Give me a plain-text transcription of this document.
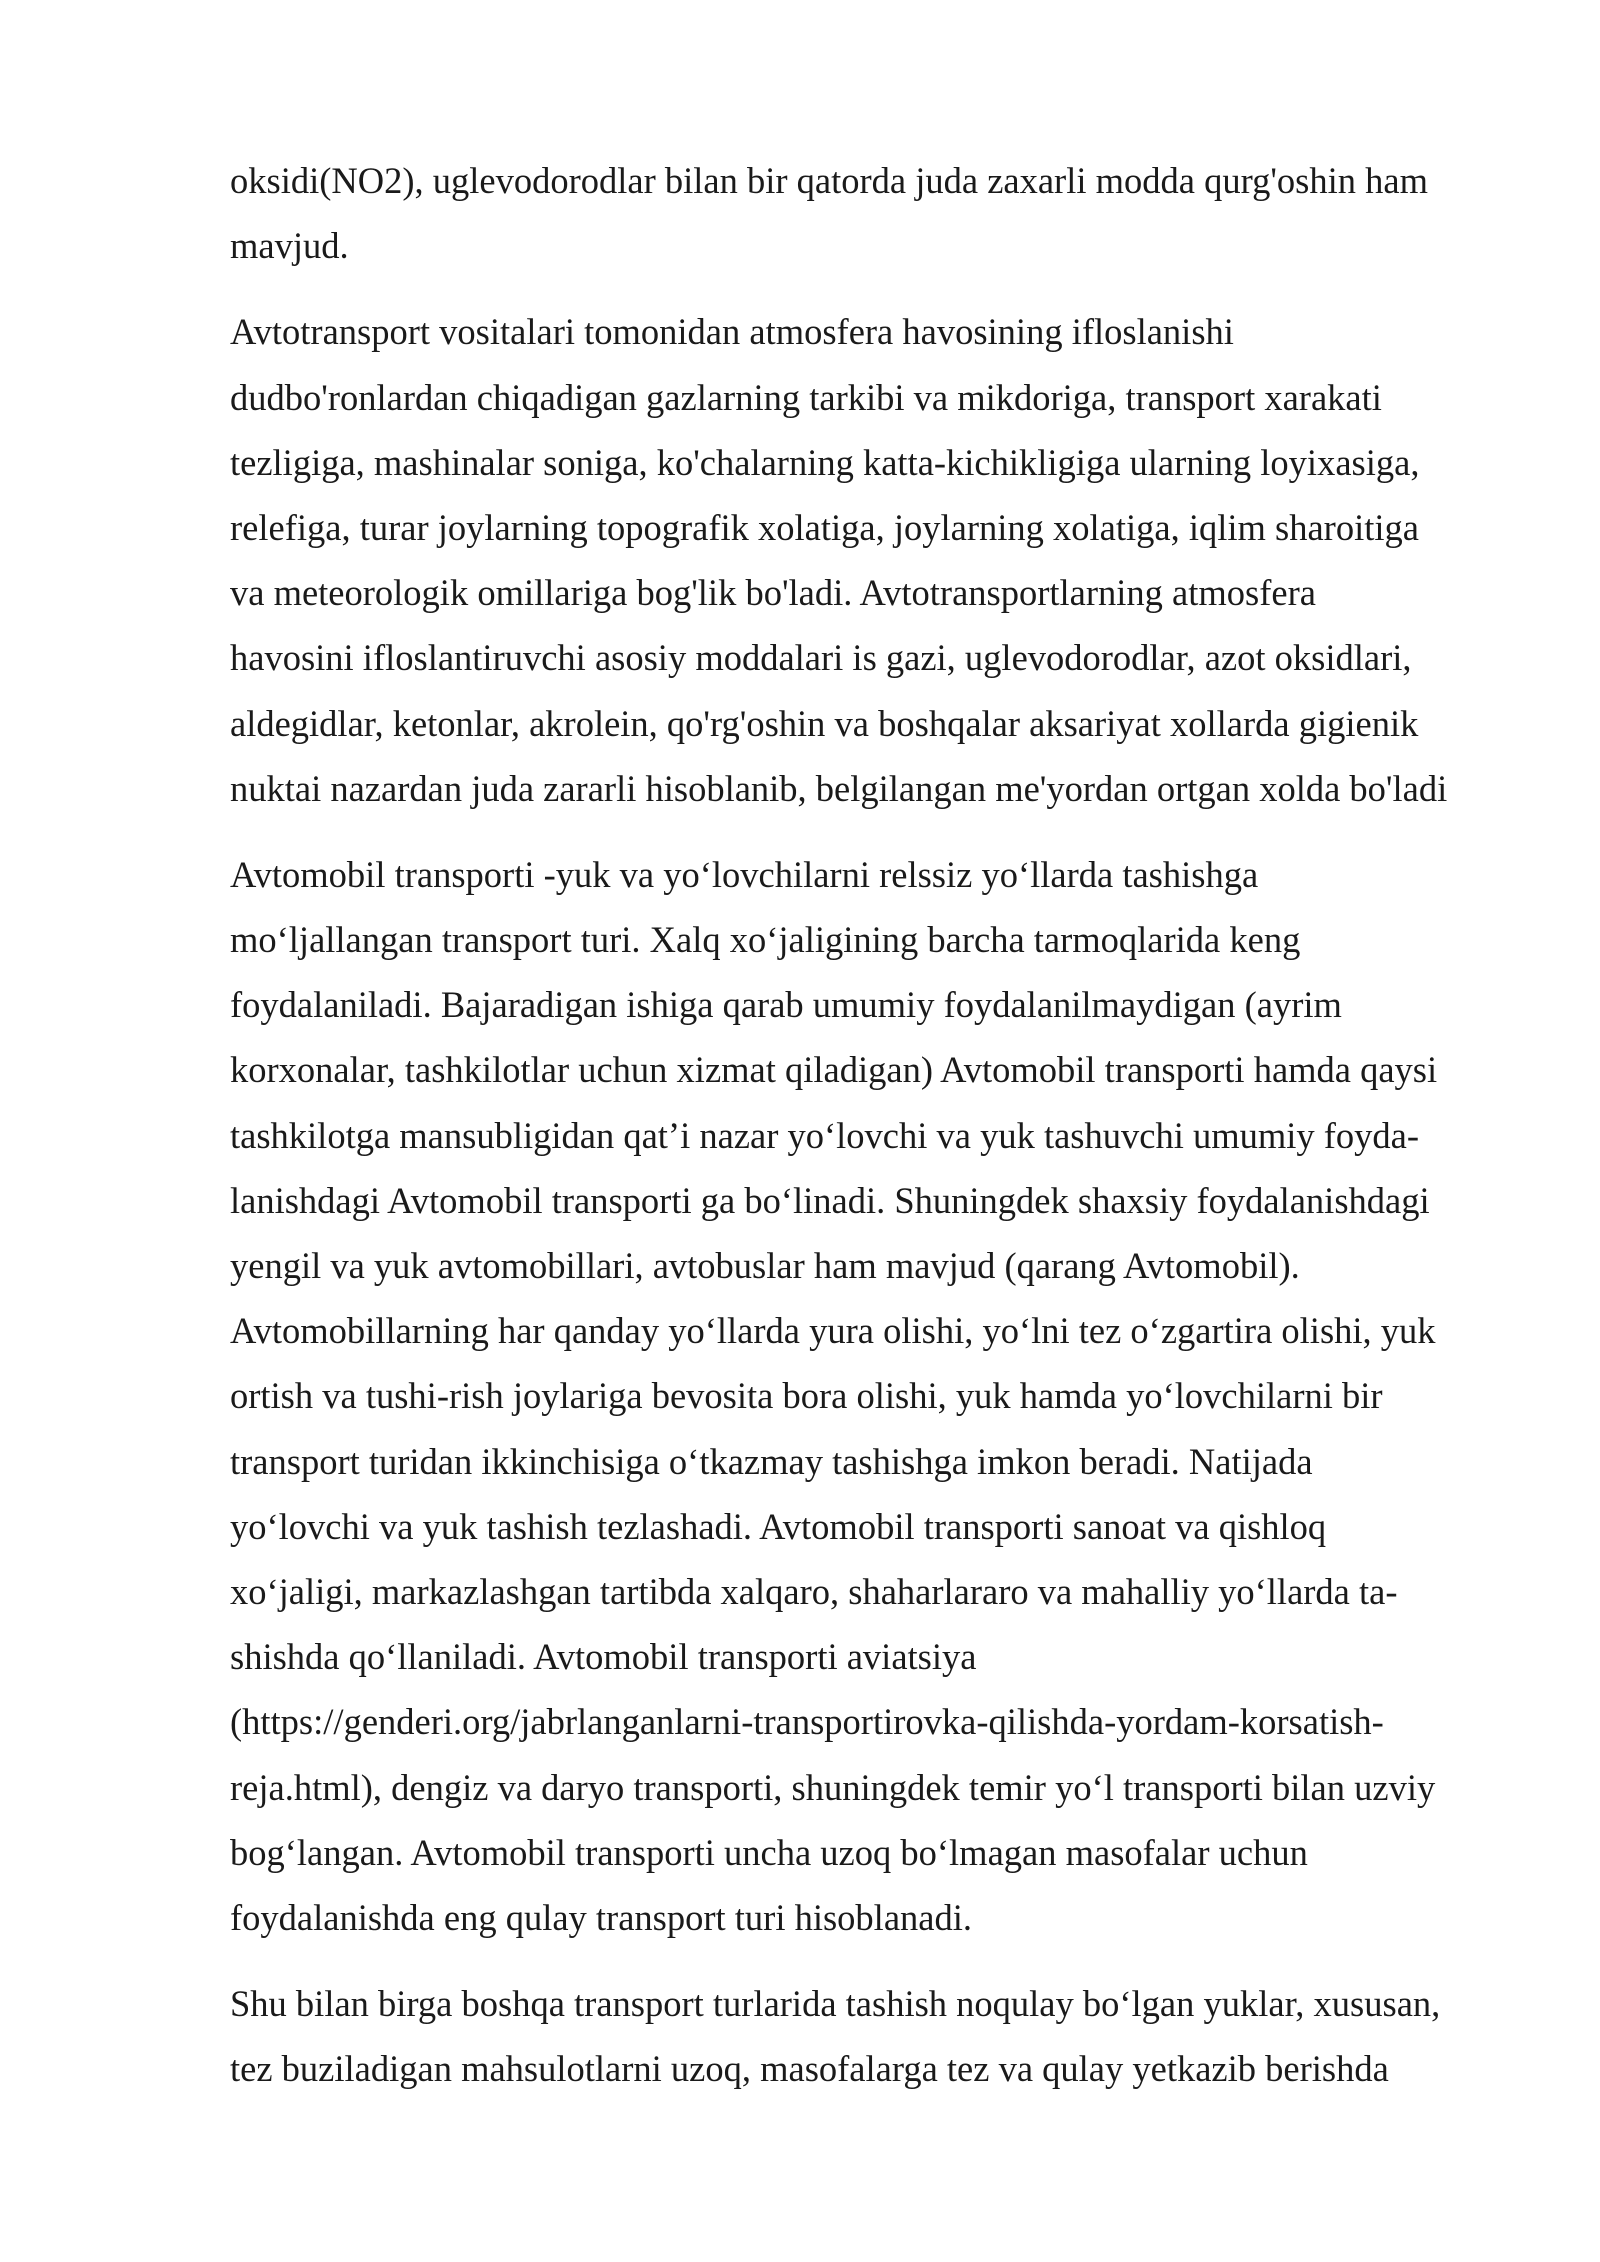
oksidi(NO2), uglevodorodlar bilan bir qatorda juda zaxarli modda qurg'oshin ham
mavjud.
Avtotransport vositalari tomonidan atmosfera havosining ifloslanishi
dudbo'ronlardan chiqadigan gazlarning tarkibi va mikdoriga, transport xarakati
tezligiga, mashinalar soniga, ko'chalarning katta-kichikligiga ularning loyixasiga,
relefiga, turar joylarning topografik xolatiga, joylarning xolatiga, iqlim sharoitiga
va meteorologik omillariga bog'lik bo'ladi. Avtotransportlarning atmosfera
havosini ifloslantiruvchi asosiy moddalari is gazi, uglevodorodlar, azot oksidlari,
aldegidlar, ketonlar, akrolein, qo'rg'oshin va boshqalar aksariyat xollarda gigienik
nuktai nazardan juda zararli hisoblanib, belgilangan me'yordan ortgan xolda bo'ladi
Avtomobil transporti -yuk va yo‘lovchilarni relssiz yo‘llarda tashishga
mo‘ljallangan transport turi. Xalq xo‘jaligining barcha tarmoqlarida keng
foydalaniladi. Bajaradigan ishiga qarab umumiy foydalanilmaydigan (ayrim
korxonalar, tashkilotlar uchun xizmat qiladigan) Avtomobil transporti hamda qaysi
tashkilotga mansubligidan qat’i nazar yo‘lovchi va yuk tashuvchi umumiy foyda-
lanishdagi Avtomobil transporti ga bo‘linadi. Shuningdek shaxsiy foydalanishdagi
yengil va yuk avtomobillari, avtobuslar ham mavjud (qarang Avtomobil).
Avtomobillarning har qanday yo‘llarda yura olishi, yo‘lni tez o‘zgartira olishi, yuk
ortish va tushi-rish joylariga bevosita bora olishi, yuk hamda yo‘lovchilarni bir
transport turidan ikkinchisiga o‘tkazmay tashishga imkon beradi. Natijada
yo‘lovchi va yuk tashish tezlashadi. Avtomobil transporti sanoat va qishloq
xo‘jaligi, markazlashgan tartibda xalqaro, shaharlararo va mahalliy yo‘llarda ta-
shishda qo‘llaniladi. Avtomobil transporti aviatsiya
(https://genderi.org/jabrlanganlarni-transportirovka-qilishda-yordam-korsatish-
reja.html), dengiz va daryo transporti, shuningdek temir yo‘l transporti bilan uzviy
bog‘langan. Avtomobil transporti uncha uzoq bo‘lmagan masofalar uchun
foydalanishda eng qulay transport turi hisoblanadi.
Shu bilan birga boshqa transport turlarida tashish noqulay bo‘lgan yuklar, xususan,
tez buziladigan mahsulotlarni uzoq, masofalarga tez va qulay yetkazib berishda
